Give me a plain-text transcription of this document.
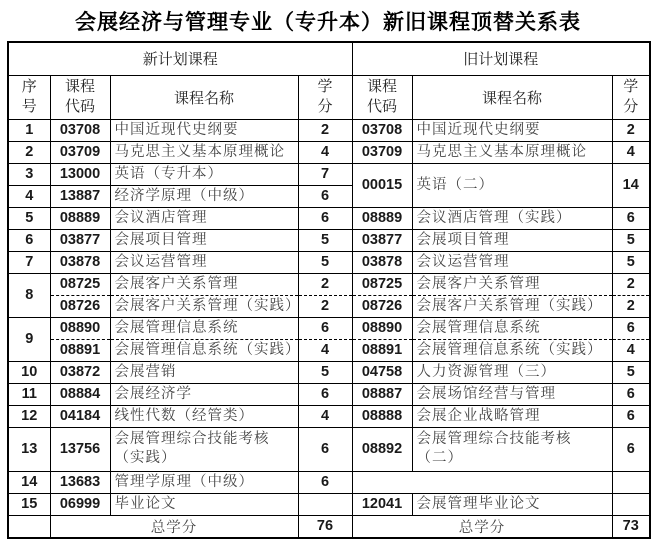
会展经济与管理专业（专升本）新旧课程顶替关系表
新计划课程				旧计划课程		
序号	课程代码	课程名称	学分	课程代码	课程名称	学分
1	03708	中国近现代史纲要	2	03708	中国近现代史纲要	2
2	03709	马克思主义基本原理概论	4	03709	马克思主义基本原理概论	4
3	13000	英语（专升本）	7	00015	英语（二）	14
4	13887	经济学原理（中级）	6			
5	08889	会议酒店管理	6	08889	会议酒店管理（实践）	6
6	03877	会展项目管理	5	03877	会展项目管理	5
7	03878	会议运营管理	5	03878	会议运营管理	5
8	08725	会展客户关系管理	2	08725	会展客户关系管理	2
	08726	会展客户关系管理（实践）	2	08726	会展客户关系管理（实践）	2
9	08890	会展管理信息系统	6	08890	会展管理信息系统	6
	08891	会展管理信息系统（实践）	4	08891	会展管理信息系统（实践）	4
10	03872	会展营销	5	04758	人力资源管理（三）	5
11	08884	会展经济学	6	08887	会展场馆经营与管理	6
12	04184	线性代数（经管类）	4	08888	会展企业战略管理	6
13	13756	会展管理综合技能考核（实践）	6	08892	会展管理综合技能考核（二）	6
14	13683	管理学原理（中级）	6			
15	06999	毕业论文		12041	会展管理毕业论文	
	总学分		76	总学分		73
